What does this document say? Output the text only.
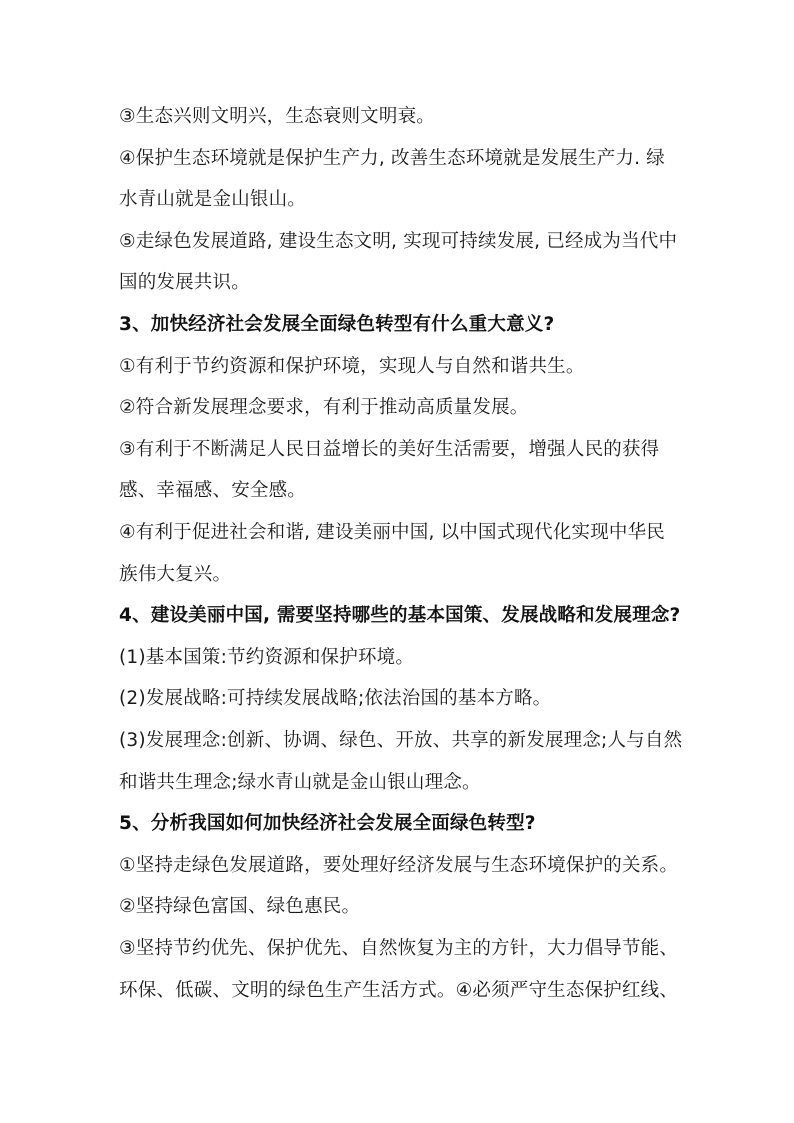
③生态兴则文明兴，生态衰则文明衰。
④保护生态环境就是保护生产力, 改善生态环境就是发展生产力. 绿
水青山就是金山银山。
⑤走绿色发展道路, 建设生态文明, 实现可持续发展, 已经成为当代中
国的发展共识。
3、加快经济社会发展全面绿色转型有什么重大意义?
①有利于节约资源和保护环境，实现人与自然和谐共生。
②符合新发展理念要求，有利于推动高质量发展。
③有利于不断满足人民日益增长的美好生活需要，增强人民的获得
感、幸福感、安全感。
④有利于促进社会和谐, 建设美丽中国, 以中国式现代化实现中华民
族伟大复兴。
4、建设美丽中国, 需要坚持哪些的基本国策、发展战略和发展理念?
(1)基本国策:节约资源和保护环境。
(2)发展战略:可持续发展战略;依法治国的基本方略。
(3)发展理念:创新、协调、绿色、开放、共享的新发展理念;人与自然
和谐共生理念;绿水青山就是金山银山理念。
5、分析我国如何加快经济社会发展全面绿色转型?
①坚持走绿色发展道路，要处理好经济发展与生态环境保护的关系。
②坚持绿色富国、绿色惠民。
③坚持节约优先、保护优先、自然恢复为主的方针，大力倡导节能、
环保、低碳、文明的绿色生产生活方式。④必须严守生态保护红线、
